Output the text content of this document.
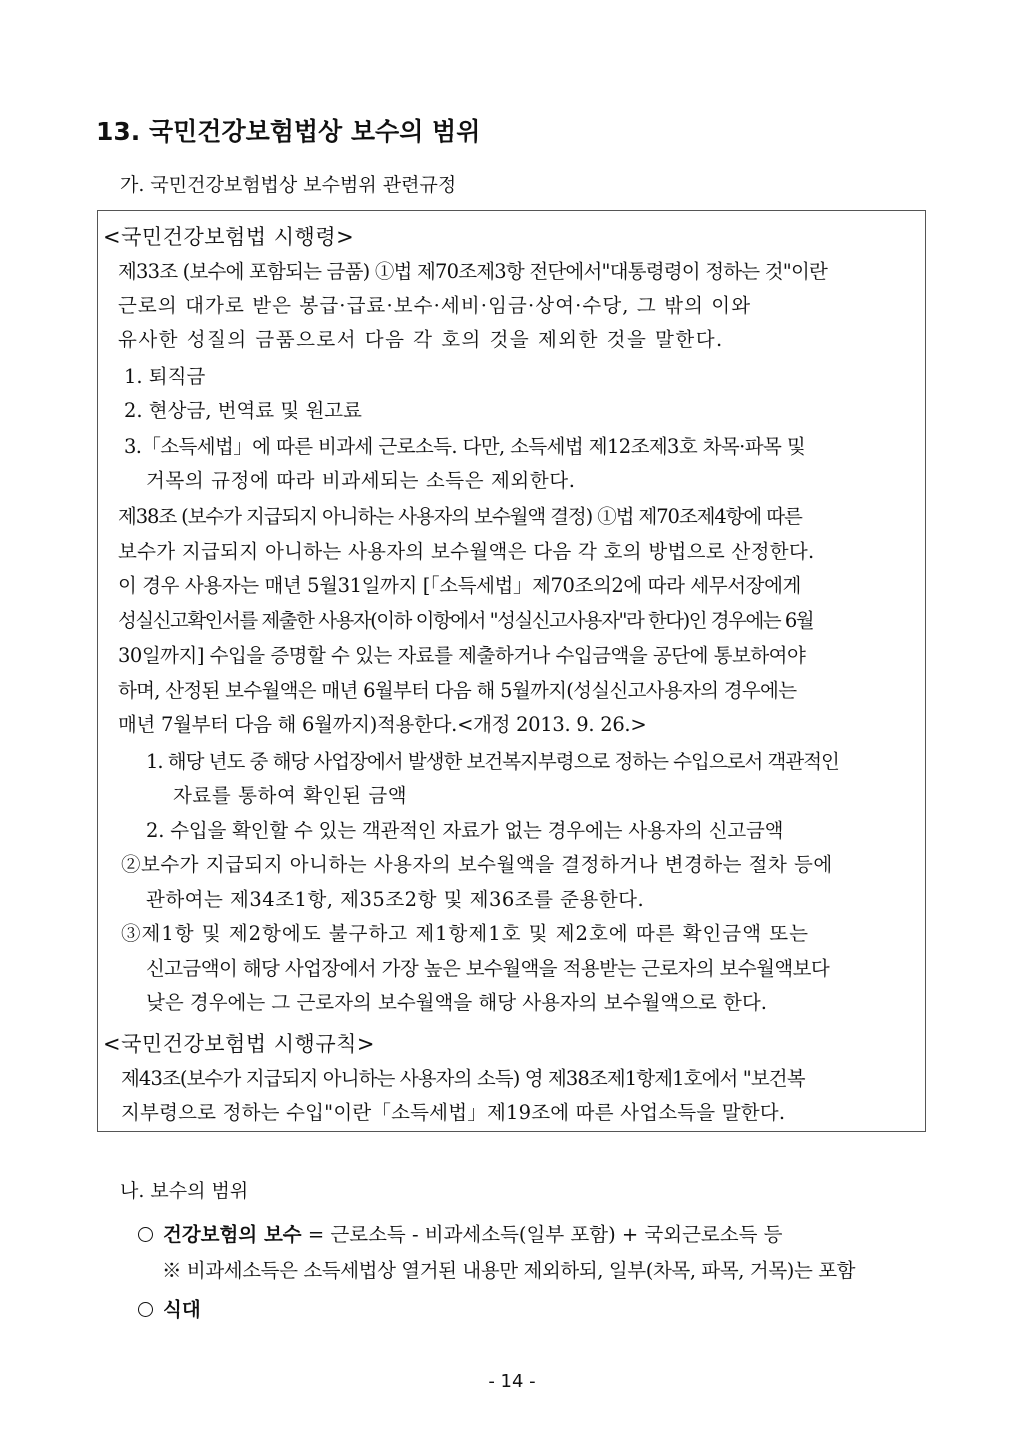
13. 국민건강보험법상 보수의 범위
가. 국민건강보험법상 보수범위 관련규정
<국민건강보험법 시행령>
제33조 (보수에 포함되는 금품) ①법 제70조제3항 전단에서"대통령령이 정하는 것"이란
근로의 대가로 받은 봉급·급료·보수·세비·임금·상여·수당, 그 밖의 이와
유사한 성질의 금품으로서 다음 각 호의 것을 제외한 것을 말한다.
1. 퇴직금
2. 현상금, 번역료 및 원고료
3.「소득세법」에 따른 비과세 근로소득. 다만, 소득세법 제12조제3호 차목·파목 및
거목의 규정에 따라 비과세되는 소득은 제외한다.
제38조 (보수가 지급되지 아니하는 사용자의 보수월액 결정) ①법 제70조제4항에 따른
보수가 지급되지 아니하는 사용자의 보수월액은 다음 각 호의 방법으로 산정한다.
이 경우 사용자는 매년 5월31일까지 [「소득세법」제70조의2에 따라 세무서장에게
성실신고확인서를 제출한 사용자(이하 이항에서 "성실신고사용자"라 한다)인 경우에는 6월
30일까지] 수입을 증명할 수 있는 자료를 제출하거나 수입금액을 공단에 통보하여야
하며, 산정된 보수월액은 매년 6월부터 다음 해 5월까지(성실신고사용자의 경우에는
매년 7월부터 다음 해 6월까지)적용한다.<개정 2013. 9. 26.>
1. 해당 년도 중 해당 사업장에서 발생한 보건복지부령으로 정하는 수입으로서 객관적인
자료를 통하여 확인된 금액
2. 수입을 확인할 수 있는 객관적인 자료가 없는 경우에는 사용자의 신고금액
②보수가 지급되지 아니하는 사용자의 보수월액을 결정하거나 변경하는 절차 등에
관하여는 제34조1항, 제35조2항 및 제36조를 준용한다.
③제1항 및 제2항에도 불구하고 제1항제1호 및 제2호에 따른 확인금액 또는
신고금액이 해당 사업장에서 가장 높은 보수월액을 적용받는 근로자의 보수월액보다
낮은 경우에는 그 근로자의 보수월액을 해당 사용자의 보수월액으로 한다.
<국민건강보험법 시행규칙>
제43조(보수가 지급되지 아니하는 사용자의 소득) 영 제38조제1항제1호에서 "보건복
지부령으로 정하는 수입"이란「소득세법」제19조에 따른 사업소득을 말한다.
나. 보수의 범위
건강보험의 보수 = 근로소득 - 비과세소득(일부 포함) + 국외근로소득 등
※ 비과세소득은 소득세법상 열거된 내용만 제외하되, 일부(차목, 파목, 거목)는 포함
식대
- 14 -
